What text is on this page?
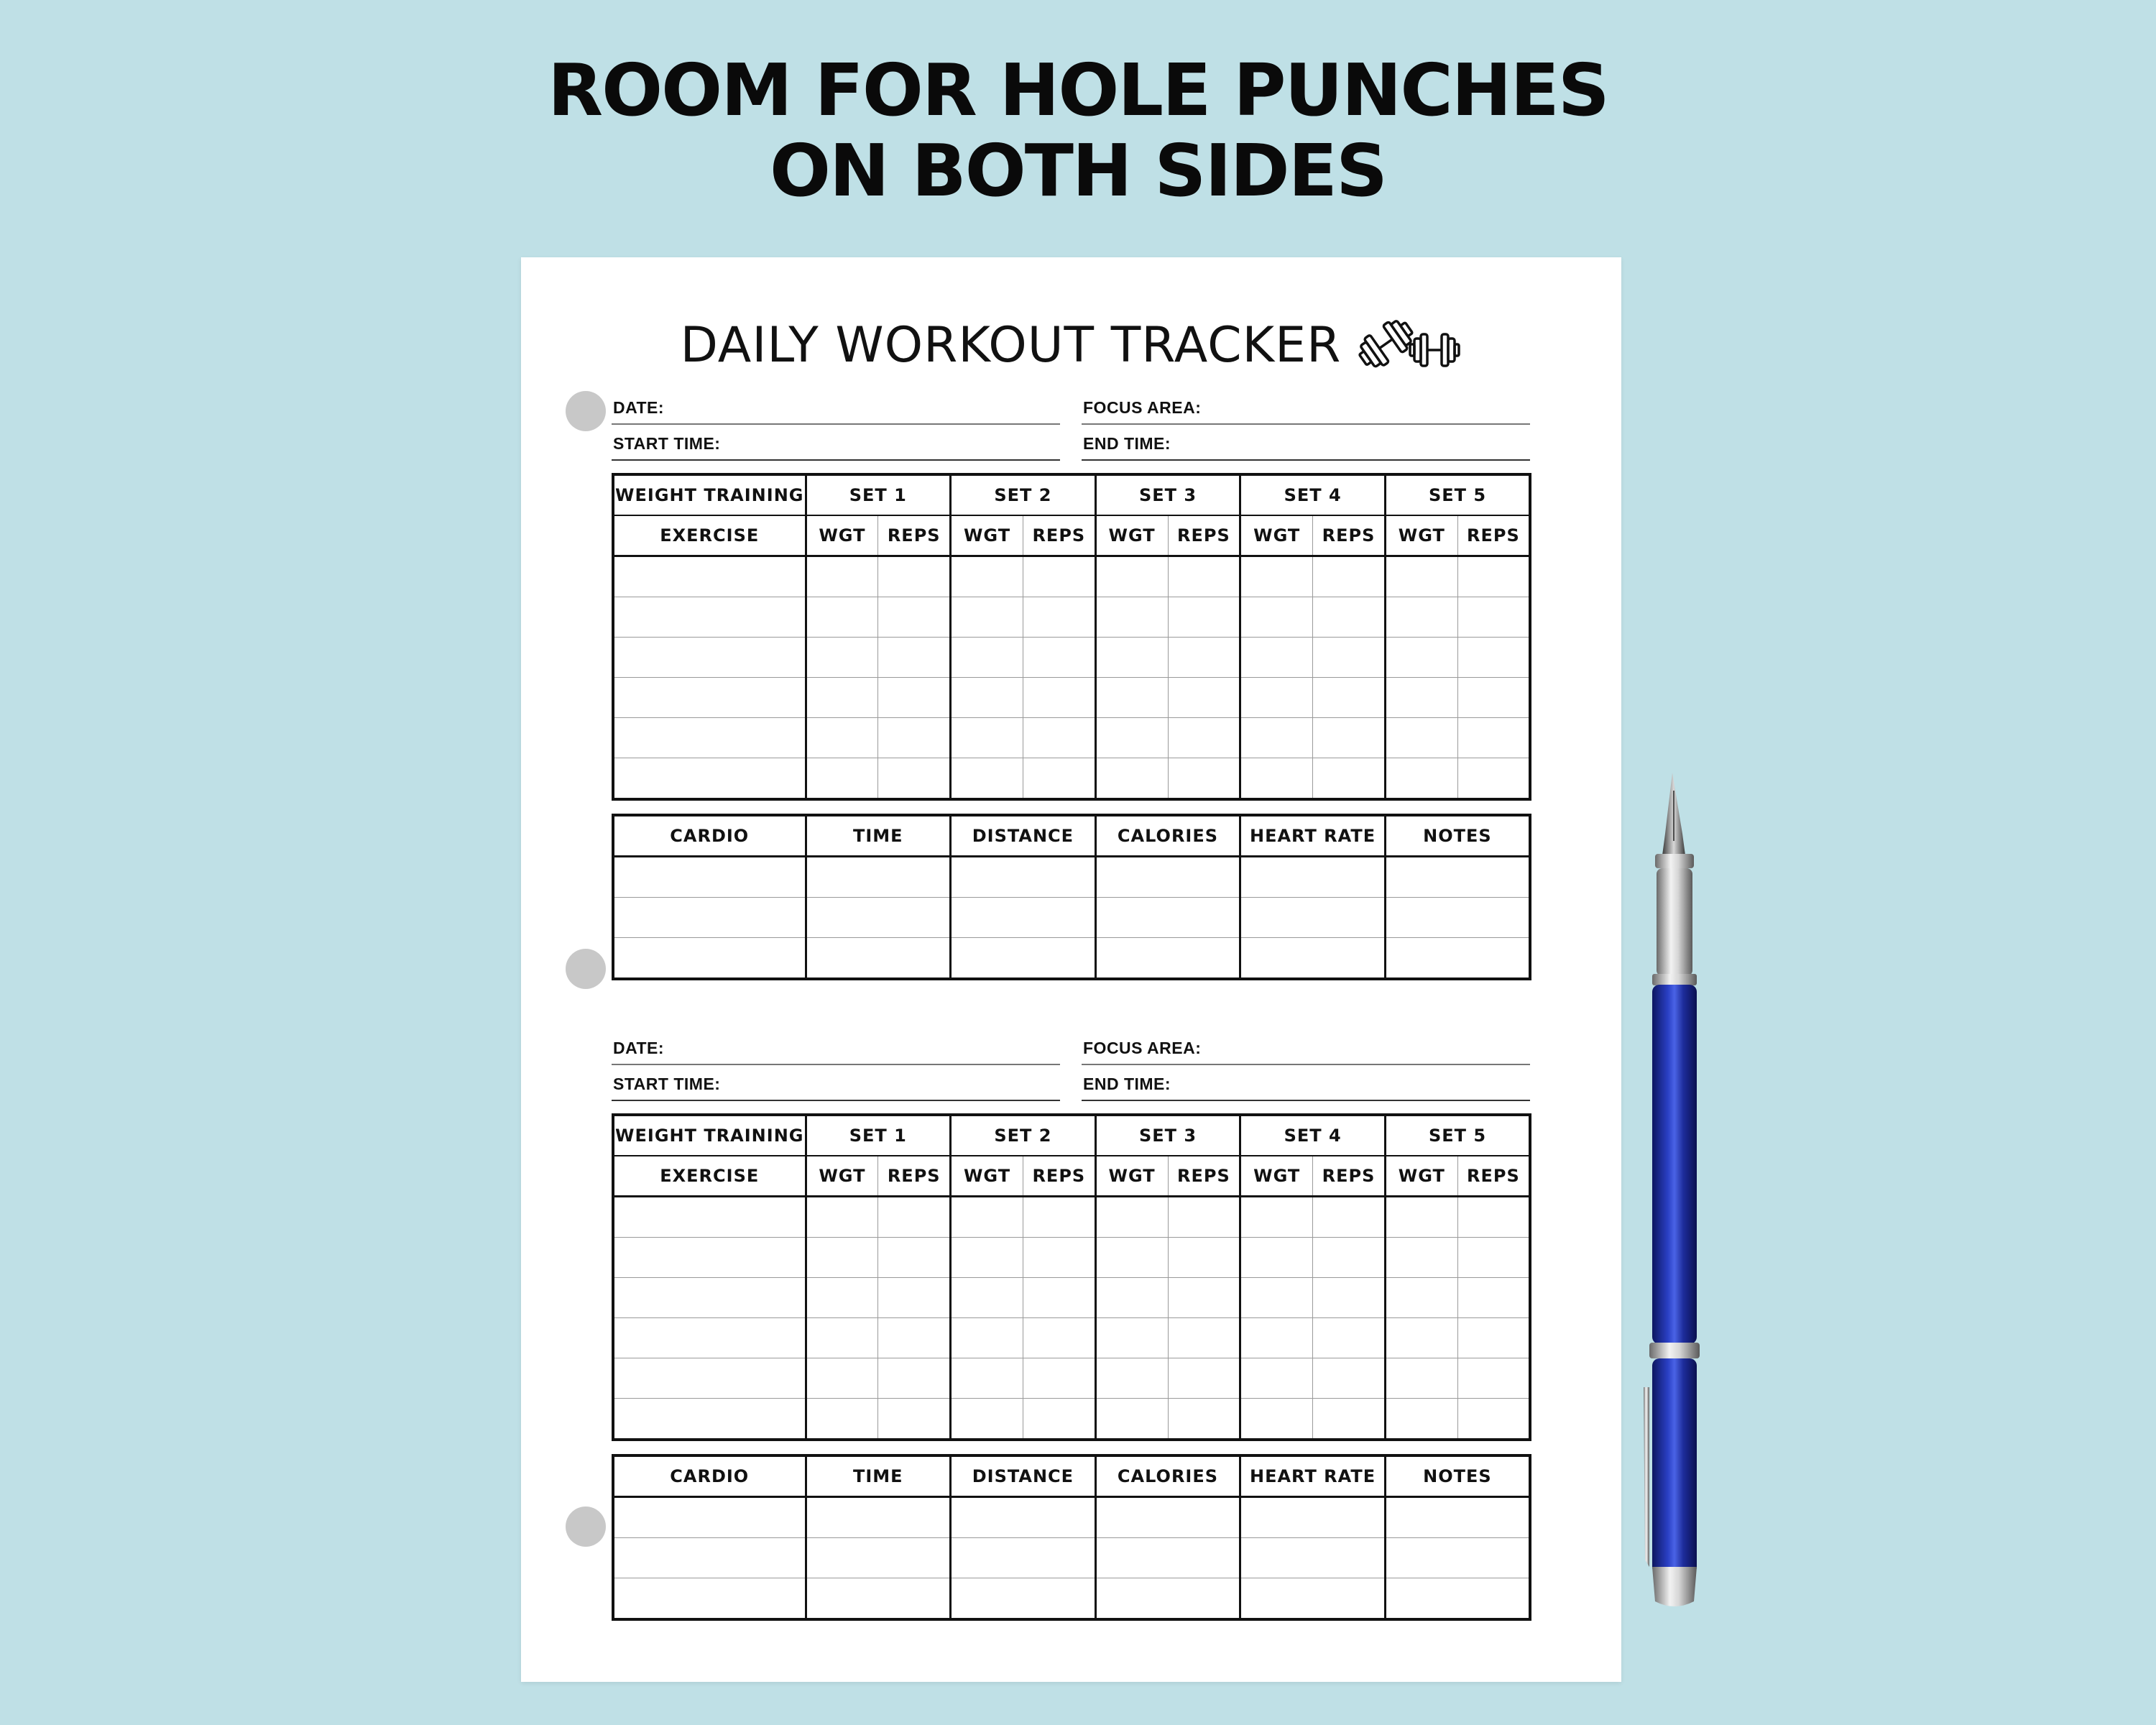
ROOM FOR HOLE PUNCHES
ON BOTH SIDES
DAILY WORKOUT TRACKER
DATE:	FOCUS AREA:
START TIME:	END TIME:
WEIGHT TRAINING	SET 1		SET 2		SET 3		SET 4		SET 5	
EXERCISE	WGT	REPS	WGT	REPS	WGT	REPS	WGT	REPS	WGT	REPS

CARDIO	TIME	DISTANCE	CALORIES	HEART RATE	NOTES

DATE:	FOCUS AREA:
START TIME:	END TIME:
WEIGHT TRAINING	SET 1		SET 2		SET 3		SET 4		SET 5	
EXERCISE	WGT	REPS	WGT	REPS	WGT	REPS	WGT	REPS	WGT	REPS

CARDIO	TIME	DISTANCE	CALORIES	HEART RATE	NOTES
